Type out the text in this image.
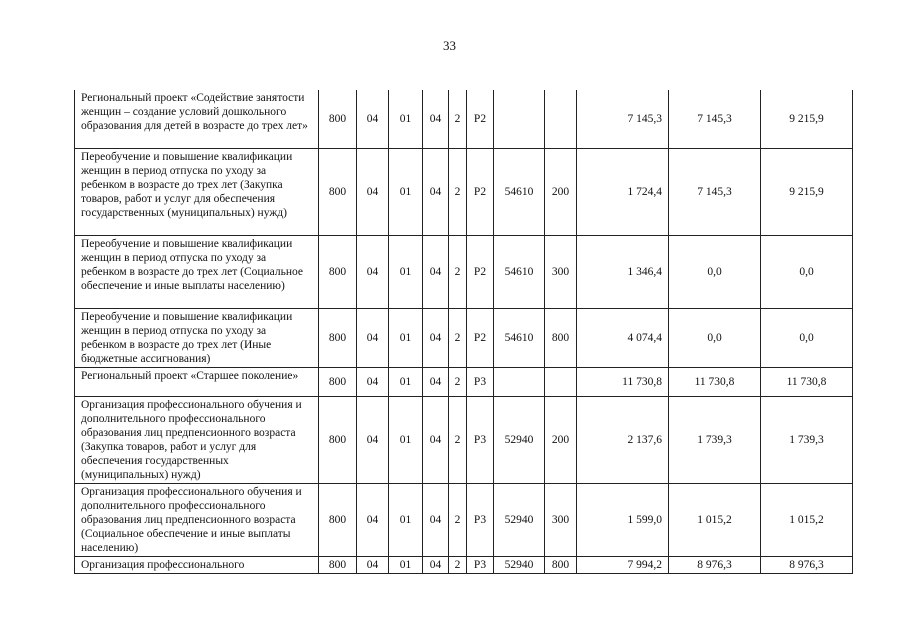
33
Региональный проект «Содействие занятости женщин – создание условий дошкольного образования для детей в возрасте до трех лет»	800	04	01	04	2	Р2			7 145,3	7 145,3	9 215,9
Переобучение и повышение квалификации женщин в период отпуска по уходу за ребенком в возрасте до трех лет (Закупка товаров, работ и услуг для обеспечения государственных (муниципальных) нужд)	800	04	01	04	2	Р2	54610	200	1 724,4	7 145,3	9 215,9
Переобучение и повышение квалификации женщин в период отпуска по уходу за ребенком в возрасте до трех лет (Социальное обеспечение и иные выплаты населению)	800	04	01	04	2	Р2	54610	300	1 346,4	0,0	0,0
Переобучение и повышение квалификации женщин в период отпуска по уходу за ребенком в возрасте до трех лет (Иные бюджетные ассигнования)	800	04	01	04	2	Р2	54610	800	4 074,4	0,0	0,0
Региональный проект «Старшее поколение»	800	04	01	04	2	Р3			11 730,8	11 730,8	11 730,8
Организация профессионального обучения и дополнительного профессионального образования лиц предпенсионного возраста (Закупка товаров, работ и услуг для обеспечения государственных (муниципальных) нужд)	800	04	01	04	2	Р3	52940	200	2 137,6	1 739,3	1 739,3
Организация профессионального обучения и дополнительного профессионального образования лиц предпенсионного возраста (Социальное обеспечение и иные выплаты населению)	800	04	01	04	2	Р3	52940	300	1 599,0	1 015,2	1 015,2
Организация профессионального	800	04	01	04	2	Р3	52940	800	7 994,2	8 976,3	8 976,3
